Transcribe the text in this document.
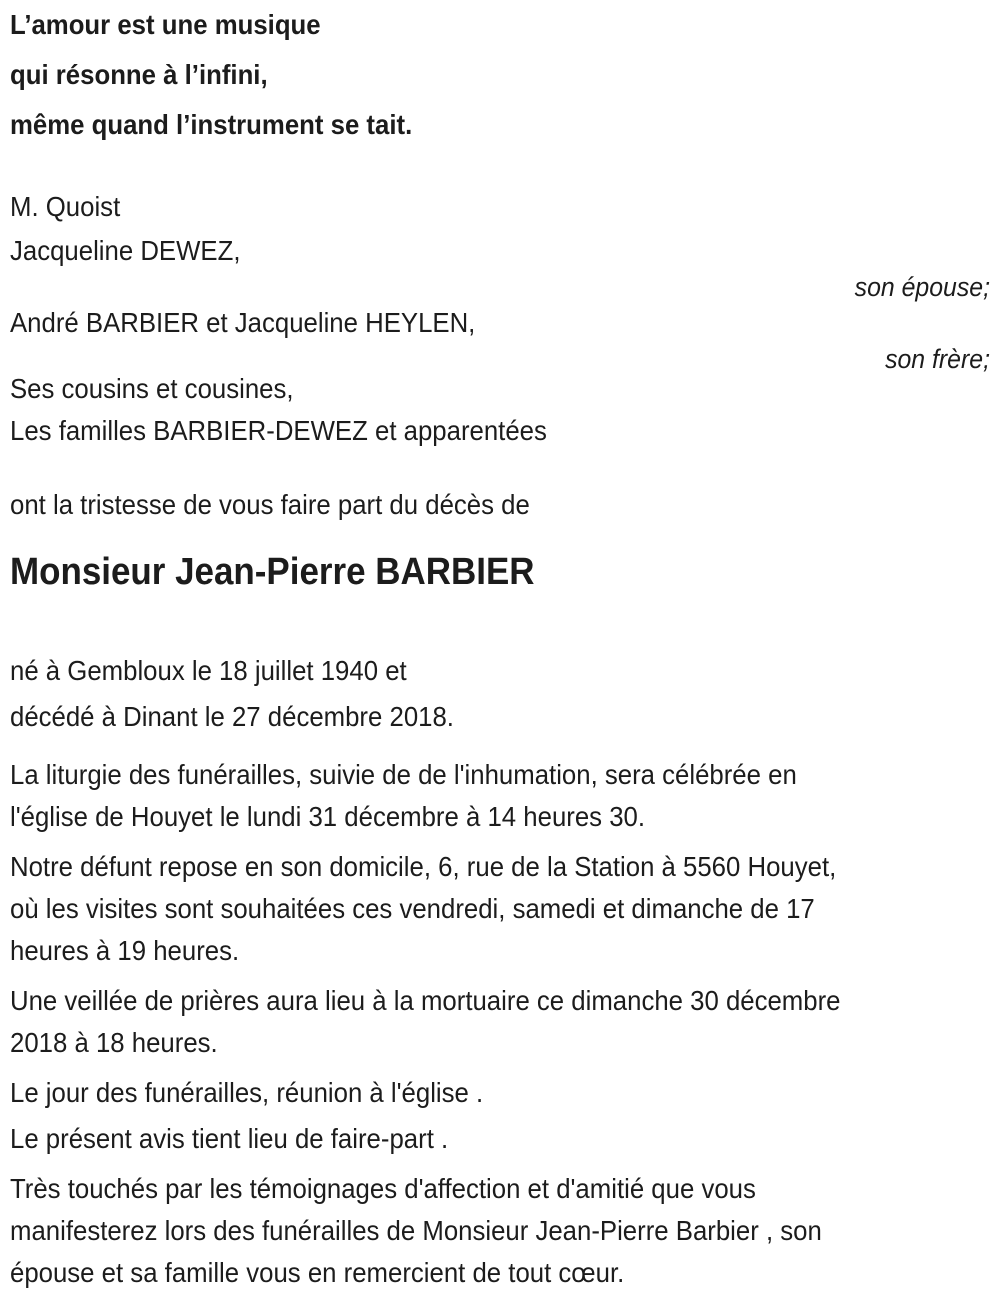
L’amour est une musique

qui résonne à l’infini,

même quand l’instrument se tait.

M. Quoist

Jacqueline DEWEZ,

son épouse;

André BARBIER et Jacqueline HEYLEN,

son frère;

Ses cousins et cousines,

Les familles BARBIER-DEWEZ et apparentées

ont la tristesse de vous faire part du décès de

Monsieur Jean-Pierre BARBIER

né à Gembloux le 18 juillet 1940 et

décédé à Dinant le 27 décembre 2018.

La liturgie des funérailles, suivie de de l'inhumation, sera célébrée en
l'église de Houyet le lundi 31 décembre à 14 heures 30.
Notre défunt repose en son domicile, 6, rue de la Station à 5560 Houyet,
où les visites sont souhaitées ces vendredi, samedi et dimanche de 17
heures à 19 heures.
Une veillée de prières aura lieu à la mortuaire ce dimanche 30 décembre
2018 à 18 heures.
Le jour des funérailles, réunion à l'église .
Le présent avis tient lieu de faire-part .
Très touchés par les témoignages d'affection et d'amitié que vous
manifesterez lors des funérailles de Monsieur Jean-Pierre Barbier , son
épouse et sa famille vous en remercient de tout cœur.
